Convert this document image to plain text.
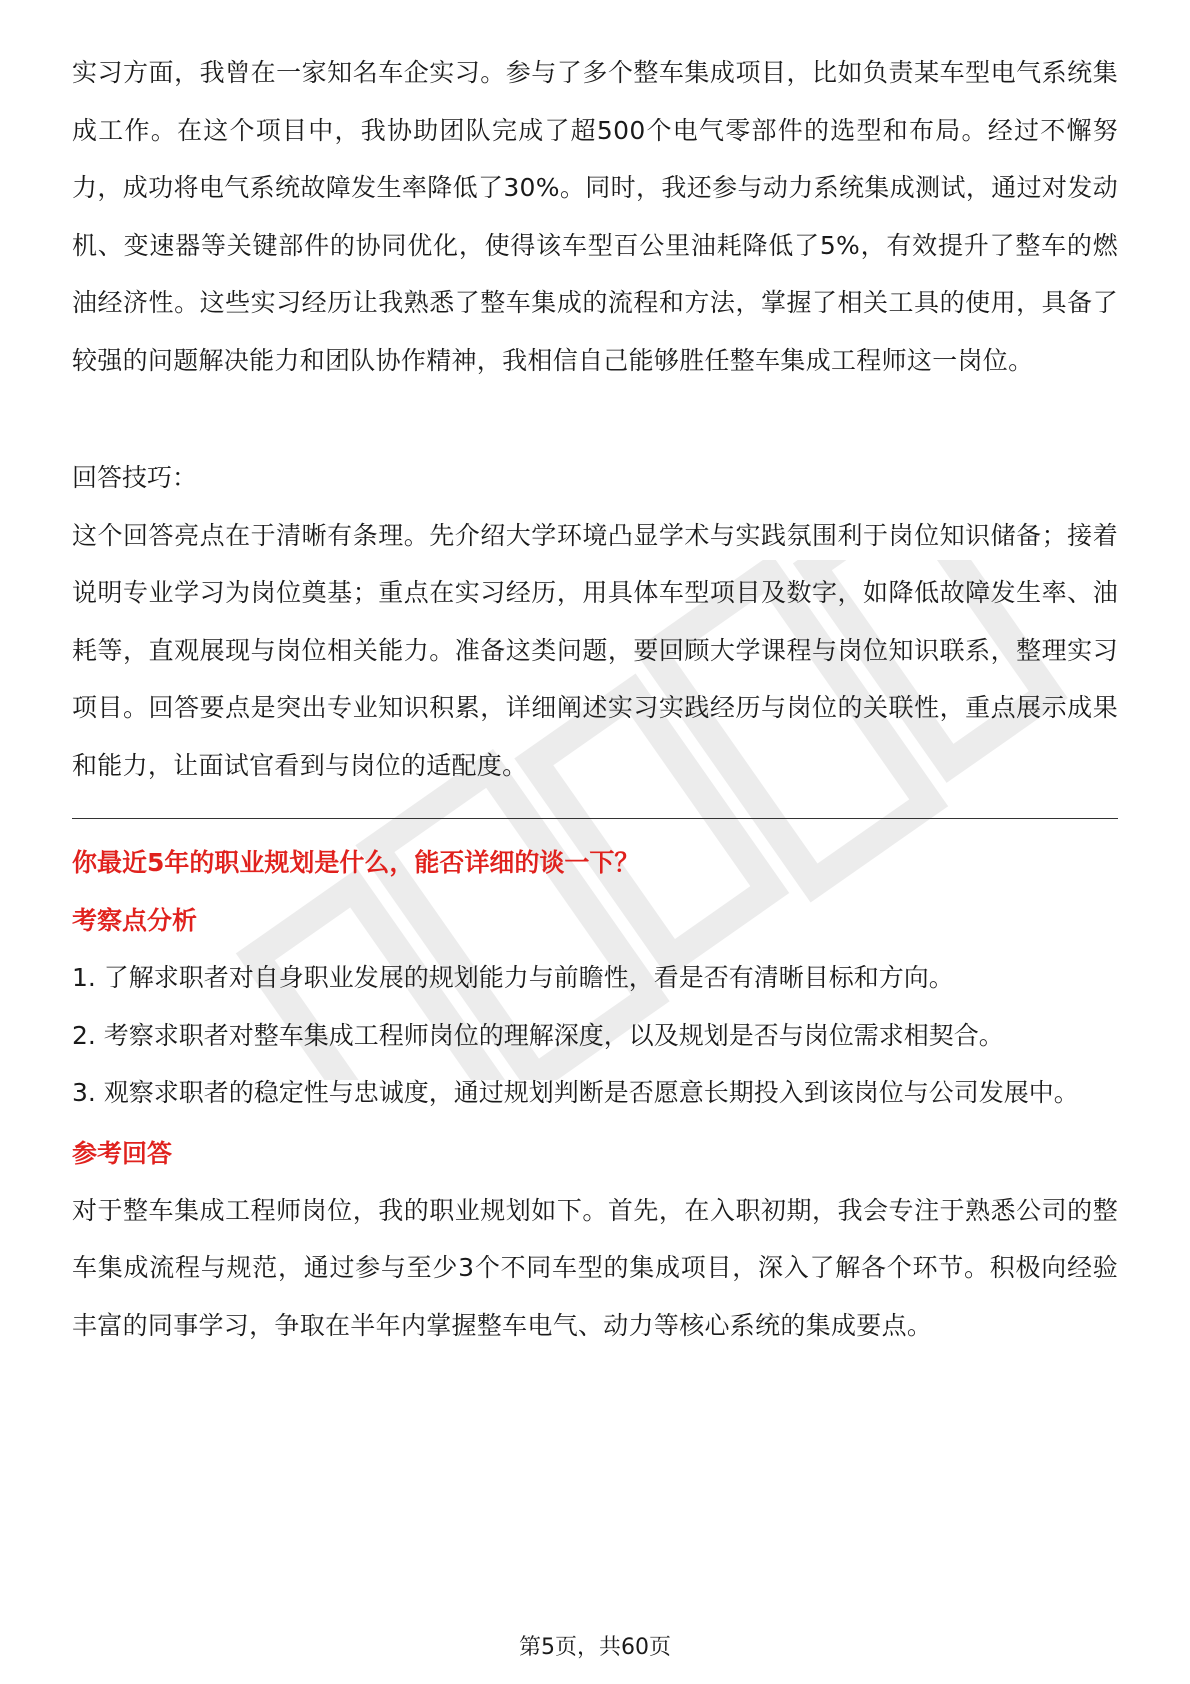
实习方面，我曾在一家知名车企实习。参与了多个整车集成项目，比如负责某车型电气系统集成工作。在这个项目中，我协助团队完成了超500个电气零部件的选型和布局。经过不懈努力，成功将电气系统故障发生率降低了30%。同时，我还参与动力系统集成测试，通过对发动机、变速器等关键部件的协同优化，使得该车型百公里油耗降低了5%，有效提升了整车的燃油经济性。这些实习经历让我熟悉了整车集成的流程和方法，掌握了相关工具的使用，具备了较强的问题解决能力和团队协作精神，我相信自己能够胜任整车集成工程师这一岗位。

回答技巧：

这个回答亮点在于清晰有条理。先介绍大学环境凸显学术与实践氛围利于岗位知识储备；接着说明专业学习为岗位奠基；重点在实习经历，用具体车型项目及数字，如降低故障发生率、油耗等，直观展现与岗位相关能力。准备这类问题，要回顾大学课程与岗位知识联系，整理实习项目。回答要点是突出专业知识积累，详细阐述实习实践经历与岗位的关联性，重点展示成果和能力，让面试官看到与岗位的适配度。

你最近5年的职业规划是什么，能否详细的谈一下？

考察点分析

1. 了解求职者对自身职业发展的规划能力与前瞻性，看是否有清晰目标和方向。

2. 考察求职者对整车集成工程师岗位的理解深度，以及规划是否与岗位需求相契合。

3. 观察求职者的稳定性与忠诚度，通过规划判断是否愿意长期投入到该岗位与公司发展中。

参考回答

对于整车集成工程师岗位，我的职业规划如下。首先，在入职初期，我会专注于熟悉公司的整车集成流程与规范，通过参与至少3个不同车型的集成项目，深入了解各个环节。积极向经验丰富的同事学习，争取在半年内掌握整车电气、动力等核心系统的集成要点。

第5页，共60页
